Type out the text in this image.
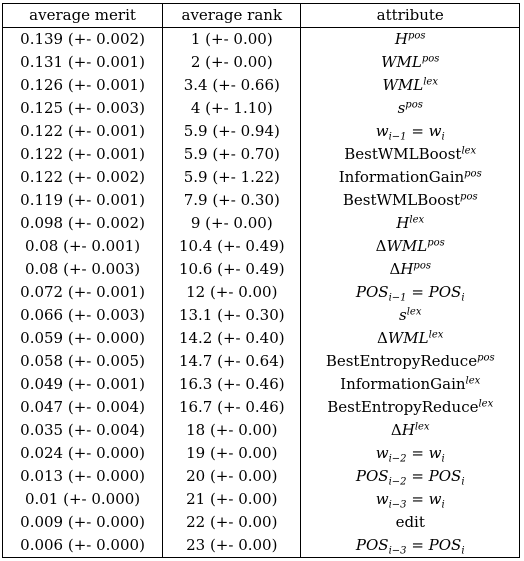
average merit	average rank	attribute
0.139 (+- 0.002)	1 (+- 0.00)	$H^{pos}$
0.131 (+- 0.001)	2 (+- 0.00)	$WML^{pos}$
0.126 (+- 0.001)	3.4 (+- 0.66)	$WML^{lex}$
0.125 (+- 0.003)	4 (+- 1.10)	$s^{pos}$
0.122 (+- 0.001)	5.9 (+- 0.94)	$w_{i-1} = w_i$
0.122 (+- 0.001)	5.9 (+- 0.70)	BestWMLBoost$^{lex}$
0.122 (+- 0.002)	5.9 (+- 1.22)	InformationGain$^{pos}$
0.119 (+- 0.001)	7.9 (+- 0.30)	BestWMLBoost$^{pos}$
0.098 (+- 0.002)	9 (+- 0.00)	$H^{lex}$
0.08 (+- 0.001)	10.4 (+- 0.49)	$\Delta WML^{pos}$
0.08 (+- 0.003)	10.6 (+- 0.49)	$\Delta H^{pos}$
0.072 (+- 0.001)	12 (+- 0.00)	$POS_{i-1} = POS_i$
0.066 (+- 0.003)	13.1 (+- 0.30)	$s^{lex}$
0.059 (+- 0.000)	14.2 (+- 0.40)	$\Delta WML^{lex}$
0.058 (+- 0.005)	14.7 (+- 0.64)	BestEntropyReduce$^{pos}$
0.049 (+- 0.001)	16.3 (+- 0.46)	InformationGain$^{lex}$
0.047 (+- 0.004)	16.7 (+- 0.46)	BestEntropyReduce$^{lex}$
0.035 (+- 0.004)	18 (+- 0.00)	$\Delta H^{lex}$
0.024 (+- 0.000)	19 (+- 0.00)	$w_{i-2} = w_i$
0.013 (+- 0.000)	20 (+- 0.00)	$POS_{i-2} = POS_i$
0.01 (+- 0.000)	21 (+- 0.00)	$w_{i-3} = w_i$
0.009 (+- 0.000)	22 (+- 0.00)	edit
0.006 (+- 0.000)	23 (+- 0.00)	$POS_{i-3} = POS_i$
